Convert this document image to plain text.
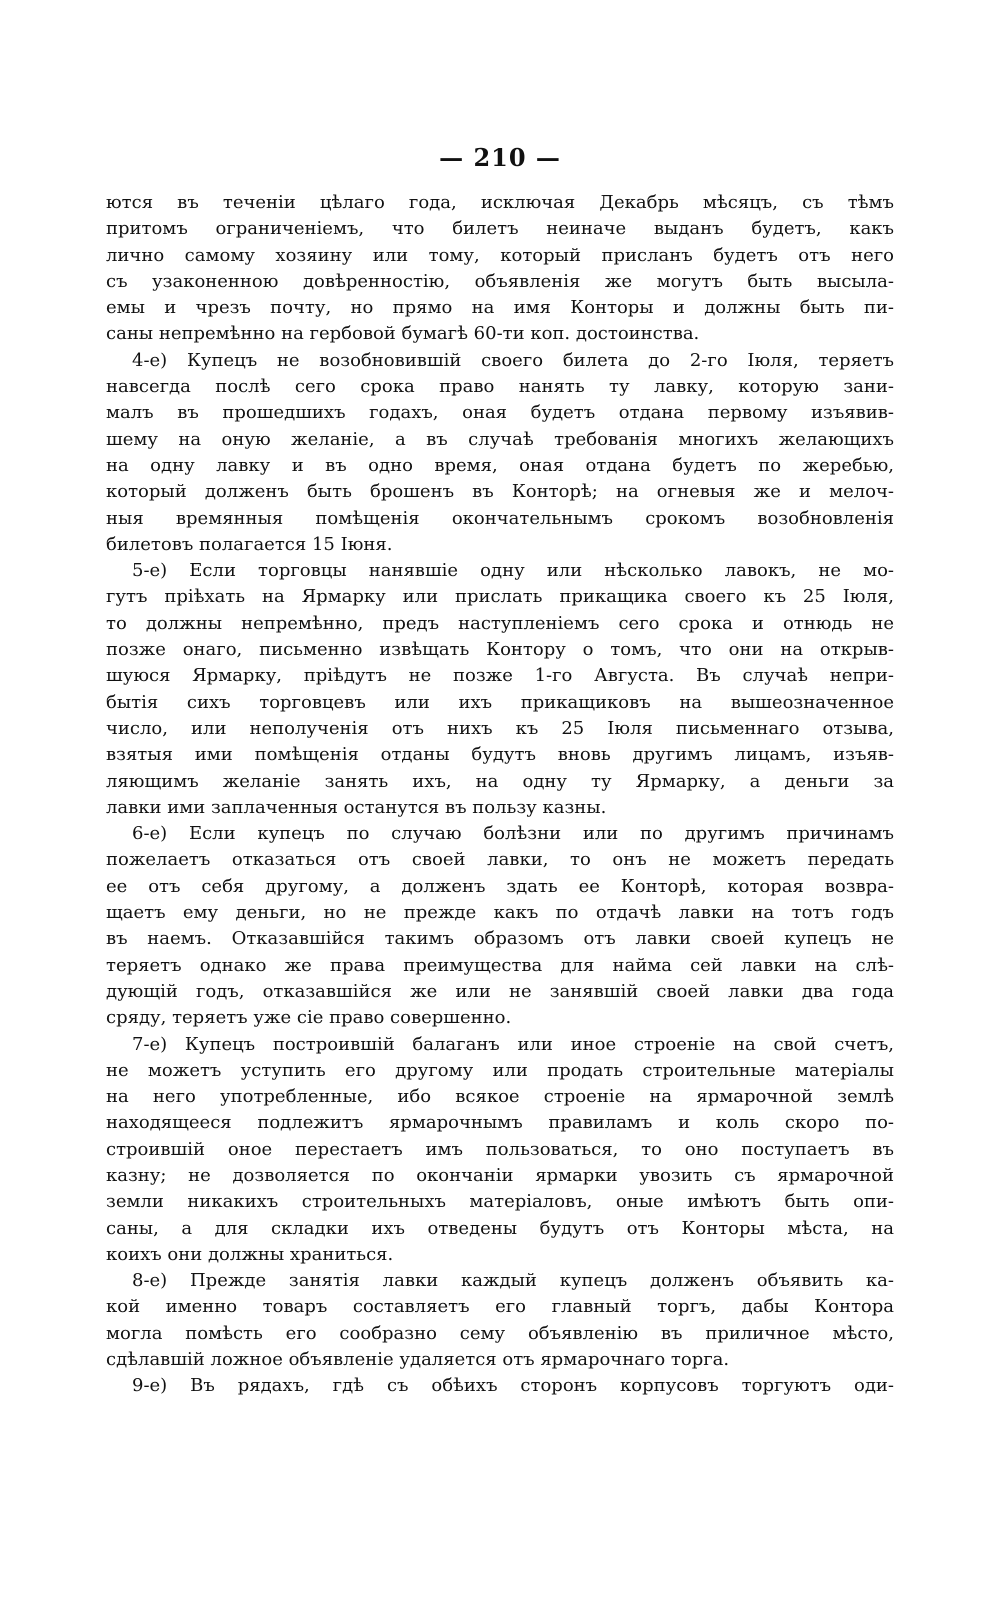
— 210 —
ются въ теченіи цѣлаго года, исключая Декабрь мѣсяцъ, съ тѣмъ
притомъ ограниченіемъ, что билетъ неиначе выданъ будетъ, какъ
лично самому хозяину или тому, который присланъ будетъ отъ него
съ узаконенною довѣренностію, объявленія же могутъ быть высыла-
емы и чрезъ почту, но прямо на имя Конторы и должны быть пи-
саны непремѣнно на гербовой бумагѣ 60-ти коп. достоинства.
4-е) Купецъ не возобновившій своего билета до 2-го Іюля, теряетъ
навсегда послѣ сего срока право нанять ту лавку, которую зани-
малъ въ прошедшихъ годахъ, оная будетъ отдана первому изъявив-
шему на оную желаніе, а въ случаѣ требованія многихъ желающихъ
на одну лавку и въ одно время, оная отдана будетъ по жеребью,
который долженъ быть брошенъ въ Конторѣ; на огневыя же и мелоч-
ныя времянныя помѣщенія окончательнымъ срокомъ возобновленія
билетовъ полагается 15 Іюня.
5-е) Если торговцы нанявшіе одну или нѣсколько лавокъ, не мо-
гутъ пріѣхать на Ярмарку или прислать прикащика своего къ 25 Іюля,
то должны непремѣнно, предъ наступленіемъ сего срока и отнюдь не
позже онаго, письменно извѣщать Контору о томъ, что они на открыв-
шуюся Ярмарку, пріѣдутъ не позже 1-го Августа. Въ случаѣ непри-
бытія сихъ торговцевъ или ихъ прикащиковъ на вышеозначенное
число, или неполученія отъ нихъ къ 25 Іюля письменнаго отзыва,
взятыя ими помѣщенія отданы будутъ вновь другимъ лицамъ, изъяв-
ляющимъ желаніе занять ихъ, на одну ту Ярмарку, а деньги за
лавки ими заплаченныя останутся въ пользу казны.
6-е) Если купецъ по случаю болѣзни или по другимъ причинамъ
пожелаетъ отказаться отъ своей лавки, то онъ не можетъ передать
ее отъ себя другому, а долженъ здать ее Конторѣ, которая возвра-
щаетъ ему деньги, но не прежде какъ по отдачѣ лавки на тотъ годъ
въ наемъ. Отказавшійся такимъ образомъ отъ лавки своей купецъ не
теряетъ однако же права преимущества для найма сей лавки на слѣ-
дующій годъ, отказавшійся же или не занявшій своей лавки два года
сряду, теряетъ уже сіе право совершенно.
7-е) Купецъ построившій балаганъ или иное строеніе на свой счетъ,
не можетъ уступить его другому или продать строительные матеріалы
на него употребленные, ибо всякое строеніе на ярмарочной землѣ
находящееся подлежитъ ярмарочнымъ правиламъ и коль скоро по-
строившій оное перестаетъ имъ пользоваться, то оно поступаетъ въ
казну; не дозволяется по окончаніи ярмарки увозить съ ярмарочной
земли никакихъ строительныхъ матеріаловъ, оные имѣютъ быть опи-
саны, а для складки ихъ отведены будутъ отъ Конторы мѣста, на
коихъ они должны храниться.
8-е) Прежде занятія лавки каждый купецъ долженъ объявить ка-
кой именно товаръ составляетъ его главный торгъ, дабы Контора
могла помѣсть его сообразно сему объявленію въ приличное мѣсто,
сдѣлавшій ложное объявленіе удаляется отъ ярмарочнаго торга.
9-е) Въ рядахъ, гдѣ съ обѣихъ сторонъ корпусовъ торгуютъ оди-
